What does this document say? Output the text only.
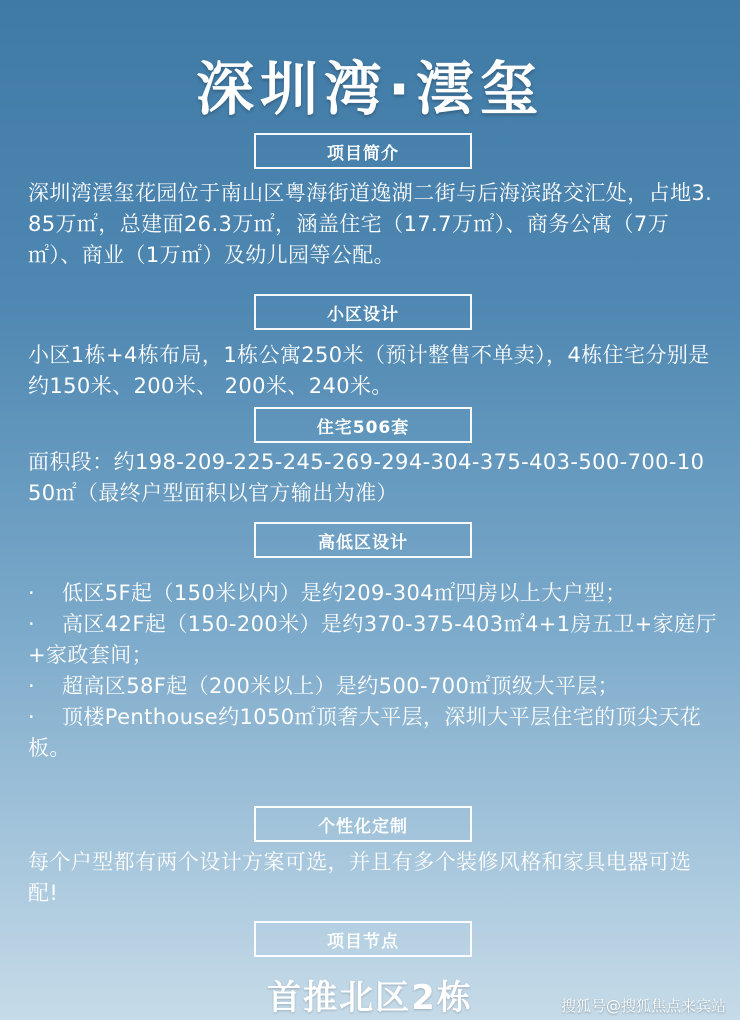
深圳湾·澐玺
项目简介
深圳湾澐玺花园位于南山区粤海街道逸湖二街与后海滨路交汇处，占地3.85万㎡，总建面26.3万㎡，涵盖住宅（17.7万㎡）、商务公寓（7万㎡）、商业（1万㎡）及幼儿园等公配。
小区设计
小区1栋+4栋布局，1栋公寓250米（预计整售不单卖），4栋住宅分别是约150米、200米、 200米、240米。
住宅506套
面积段：约198-209-225-245-269-294-304-375-403-500-700-1050㎡（最终户型面积以官方输出为准）
高低区设计
· 低区5F起（150米以内）是约209-304㎡四房以上大户型；
· 高区42F起（150-200米）是约370-375-403㎡4+1房五卫+家庭厅+家政套间；
· 超高区58F起（200米以上）是约500-700㎡顶级大平层；
· 顶楼Penthouse约1050㎡顶奢大平层，深圳大平层住宅的顶尖天花板。
个性化定制
每个户型都有两个设计方案可选，并且有多个装修风格和家具电器可选配!
项目节点
首推北区2栋	搜狐号@搜狐焦点来宾站
